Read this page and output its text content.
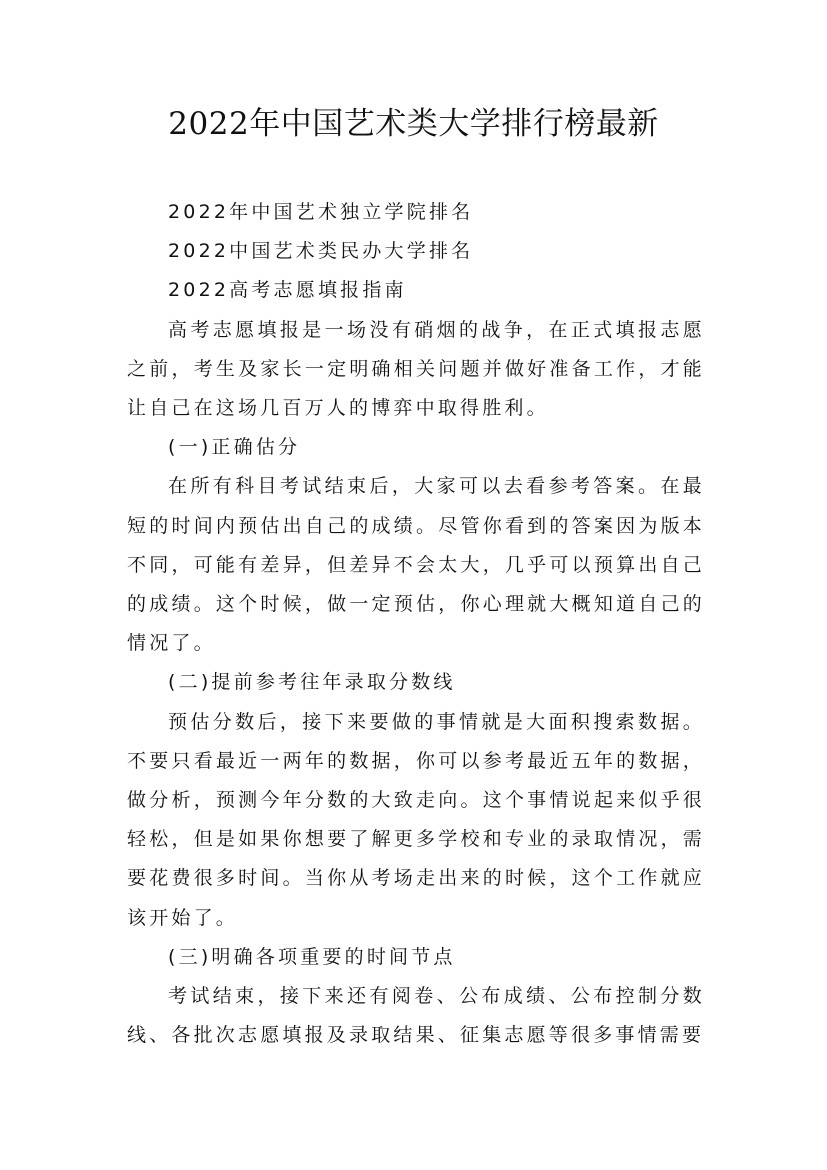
2022年中国艺术类大学排行榜最新

2022年中国艺术独立学院排名

2022中国艺术类民办大学排名

2022高考志愿填报指南

高考志愿填报是一场没有硝烟的战争，在正式填报志愿之前，考生及家长一定明确相关问题并做好准备工作，才能让自己在这场几百万人的博弈中取得胜利。

(一)正确估分

在所有科目考试结束后，大家可以去看参考答案。在最短的时间内预估出自己的成绩。尽管你看到的答案因为版本不同，可能有差异，但差异不会太大，几乎可以预算出自己的成绩。这个时候，做一定预估，你心理就大概知道自己的情况了。

(二)提前参考往年录取分数线

预估分数后，接下来要做的事情就是大面积搜索数据。不要只看最近一两年的数据，你可以参考最近五年的数据，做分析，预测今年分数的大致走向。这个事情说起来似乎很轻松，但是如果你想要了解更多学校和专业的录取情况，需要花费很多时间。当你从考场走出来的时候，这个工作就应该开始了。

(三)明确各项重要的时间节点

考试结束，接下来还有阅卷、公布成绩、公布控制分数线、各批次志愿填报及录取结果、征集志愿等很多事情需要
